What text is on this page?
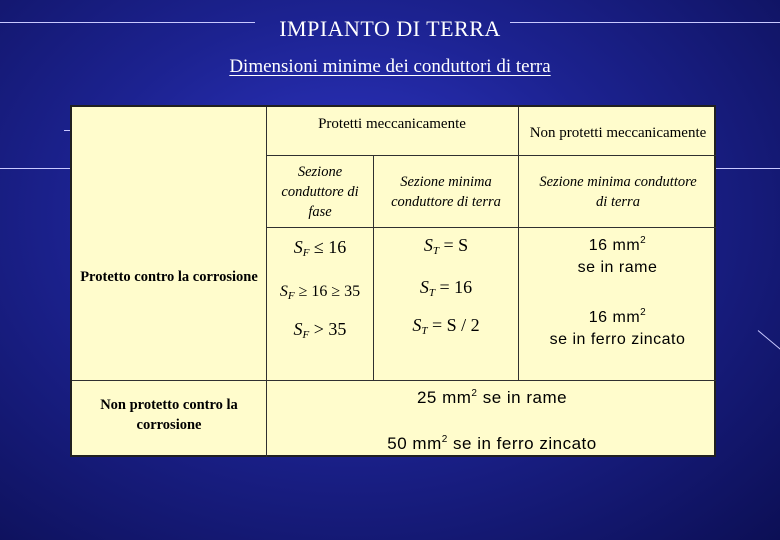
IMPIANTO DI TERRA
Dimensioni minime dei conduttori di terra
Protetti meccanicamente
Non protetti meccanicamente
Sezione conduttore di fase
Sezione minima conduttore di terra
Sezione minima conduttore di terra
Protetto contro la corrosione
Non protetto contro la corrosione
$S_F \le 16$
$S_F \ge 16 \ge 35$
$S_F > 35$
$S_T = S$
$S_T = 16$
$S_T = S / 2$
16 $mm^2$
se in rame
16 $mm^2$
se in ferro zincato
25 $mm^2$ se in rame
50 $mm^2$ se in ferro zincato
